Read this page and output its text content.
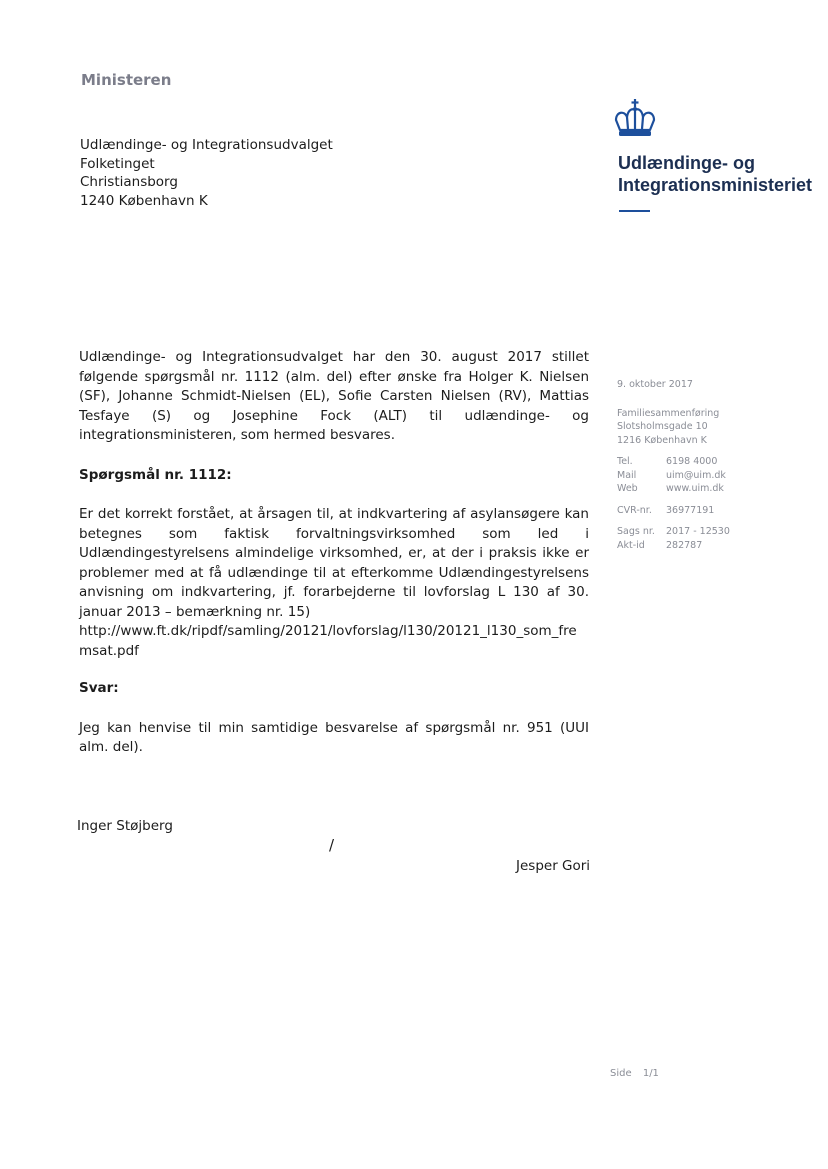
Ministeren
Udlændinge- og Integrationsudvalget
Folketinget
Christiansborg
1240 København K
Udlændinge- og
Integrationsministeriet

Udlændinge- og Integrationsudvalget har den 30. august 2017 stillet følgende spørgsmål nr. 1112 (alm. del) efter ønske fra Holger K. Nielsen (SF), Johanne Schmidt-Nielsen (EL), Sofie Carsten Nielsen (RV), Mattias Tesfaye (S) og Josephine Fock (ALT) til udlændinge- og integrationsministeren, som hermed besvares.

Spørgsmål nr. 1112:

Er det korrekt forstået, at årsagen til, at indkvartering af asylansøgere kan betegnes som faktisk forvaltningsvirksomhed som led i Udlændingestyrelsens almindelige virksomhed, er, at der i praksis ikke er problemer med at få udlændinge til at efterkomme Udlændingestyrelsens anvisning om indkvartering, jf. forarbejderne til lovforslag L 130 af 30. januar 2013 – bemærkning nr. 15)

http://www.ft.dk/ripdf/samling/20121/lovforslag/l130/20121_l130_som_fremsat.pdf

Svar:

Jeg kan henvise til min samtidige besvarelse af spørgsmål nr. 951 (UUI alm. del).

9. oktober 2017
Familiesammenføring
Slotsholmsgade 10
1216 København K
Tel.	6198 4000
Mail	uim@uim.dk
Web	www.uim.dk
CVR-nr.	36977191
Sags nr.	2017 - 12530
Akt-id	282787
Inger Støjberg
/
Jesper Gori
Side 1/1
